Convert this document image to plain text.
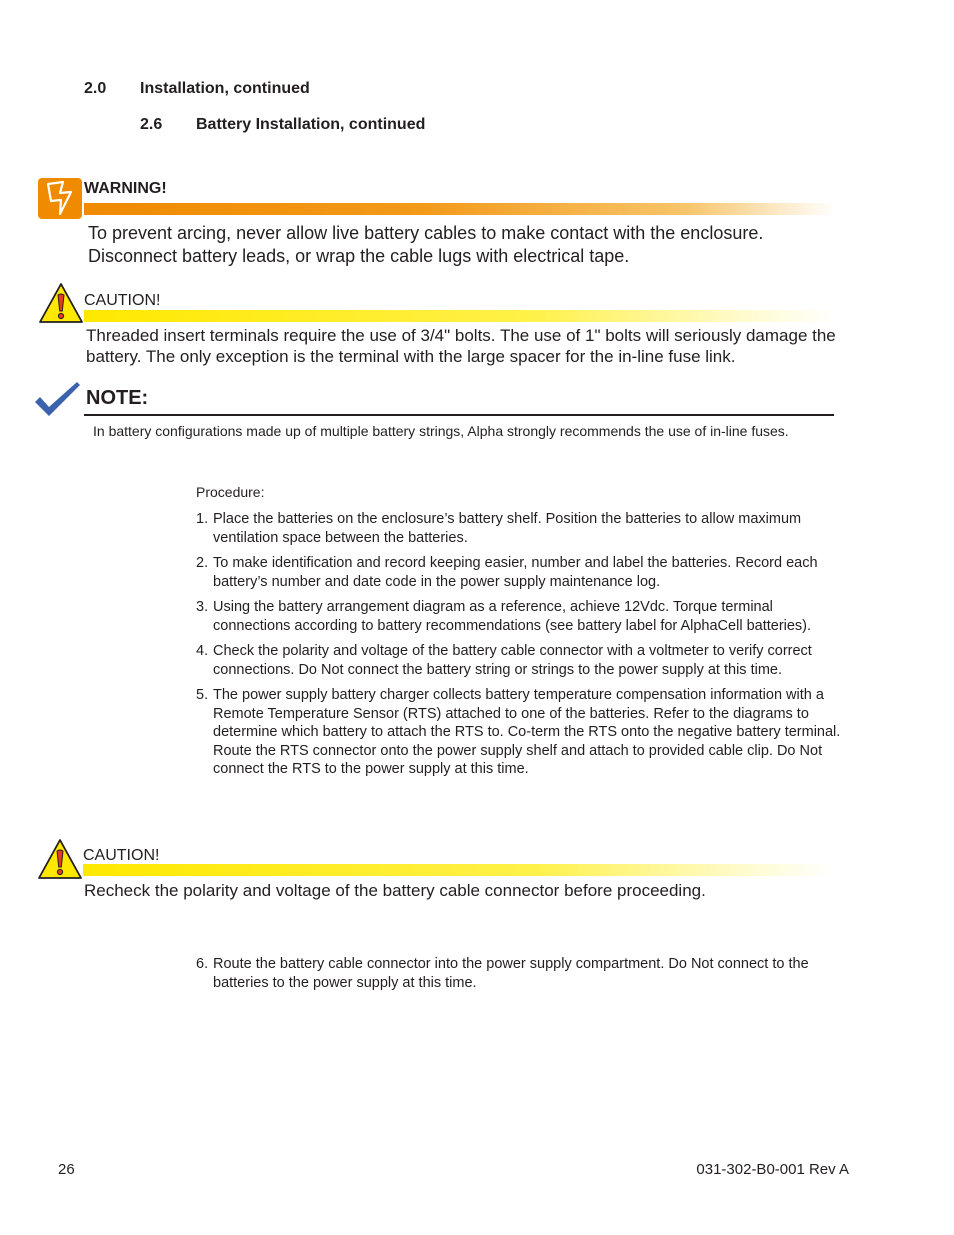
2.0 Installation, continued
2.6 Battery Installation, continued
WARNING!
To prevent arcing, never allow live battery cables to make contact with the enclosure. Disconnect battery leads, or wrap the cable lugs with electrical tape.
CAUTION!
Threaded insert terminals require the use of 3/4" bolts. The use of 1" bolts will seriously damage the battery. The only exception is the terminal with the large spacer for the in-line fuse link.
NOTE:
In battery configurations made up of multiple battery strings, Alpha strongly recommends the use of in-line fuses.
Procedure:
1. Place the batteries on the enclosure’s battery shelf. Position the batteries to allow maximum ventilation space between the batteries.
2. To make identification and record keeping easier, number and label the batteries. Record each battery’s number and date code in the power supply maintenance log.
3. Using the battery arrangement diagram as a reference, achieve 12Vdc. Torque terminal connections according to battery recommendations (see battery label for AlphaCell batteries).
4. Check the polarity and voltage of the battery cable connector with a voltmeter to verify correct connections. Do Not connect the battery string or strings to the power supply at this time.
5. The power supply battery charger collects battery temperature compensation information with a Remote Temperature Sensor (RTS) attached to one of the batteries. Refer to the diagrams to determine which battery to attach the RTS to. Co-term the RTS onto the negative battery terminal. Route the RTS connector onto the power supply shelf and attach to provided cable clip. Do Not connect the RTS to the power supply at this time.
CAUTION!
Recheck the polarity and voltage of the battery cable connector before proceeding.
6. Route the battery cable connector into the power supply compartment. Do Not connect to the batteries to the power supply at this time.
26	031-302-B0-001 Rev A
